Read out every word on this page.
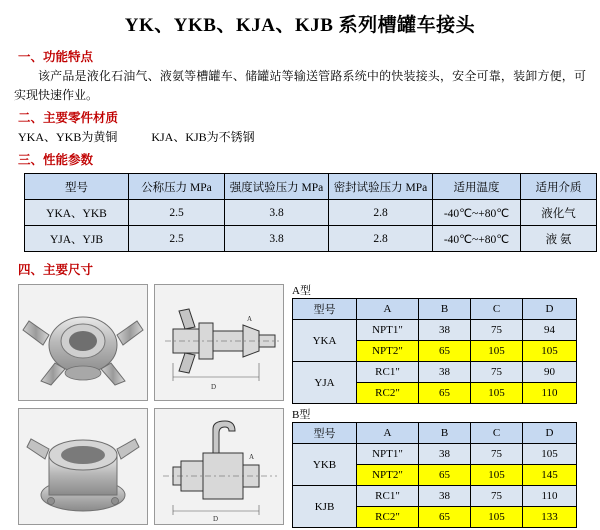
YK、YKB、KJA、KJB 系列槽罐车接头
一、功能特点
该产品是液化石油气、液氨等槽罐车、储罐站等输送管路系统中的快装接头，安全可靠，装卸方便，可实现快速作业。
二、主要零件材质
YKA、YKB为黄铜	KJA、KJB为不锈钢
三、性能参数
型号	公称压力 MPa	强度试验压力 MPa	密封试验压力 MPa	适用温度	适用介质
YKA、YKB	2.5	3.8	2.8	-40℃~+80℃	液化气
YJA、YJB	2.5	3.8	2.8	-40℃~+80℃	液 氨
四、主要尺寸
D
A
A型
型号	A	B	C	D
YKA	NPT1"	38	75	94
	NPT2"	65	105	105
YJA	RC1"	38	75	90
	RC2"	65	105	110
D
A
B型
型号	A	B	C	D
YKB	NPT1"	38	75	105
	NPT2"	65	105	145
KJB	RC1"	38	75	110
	RC2"	65	105	133
